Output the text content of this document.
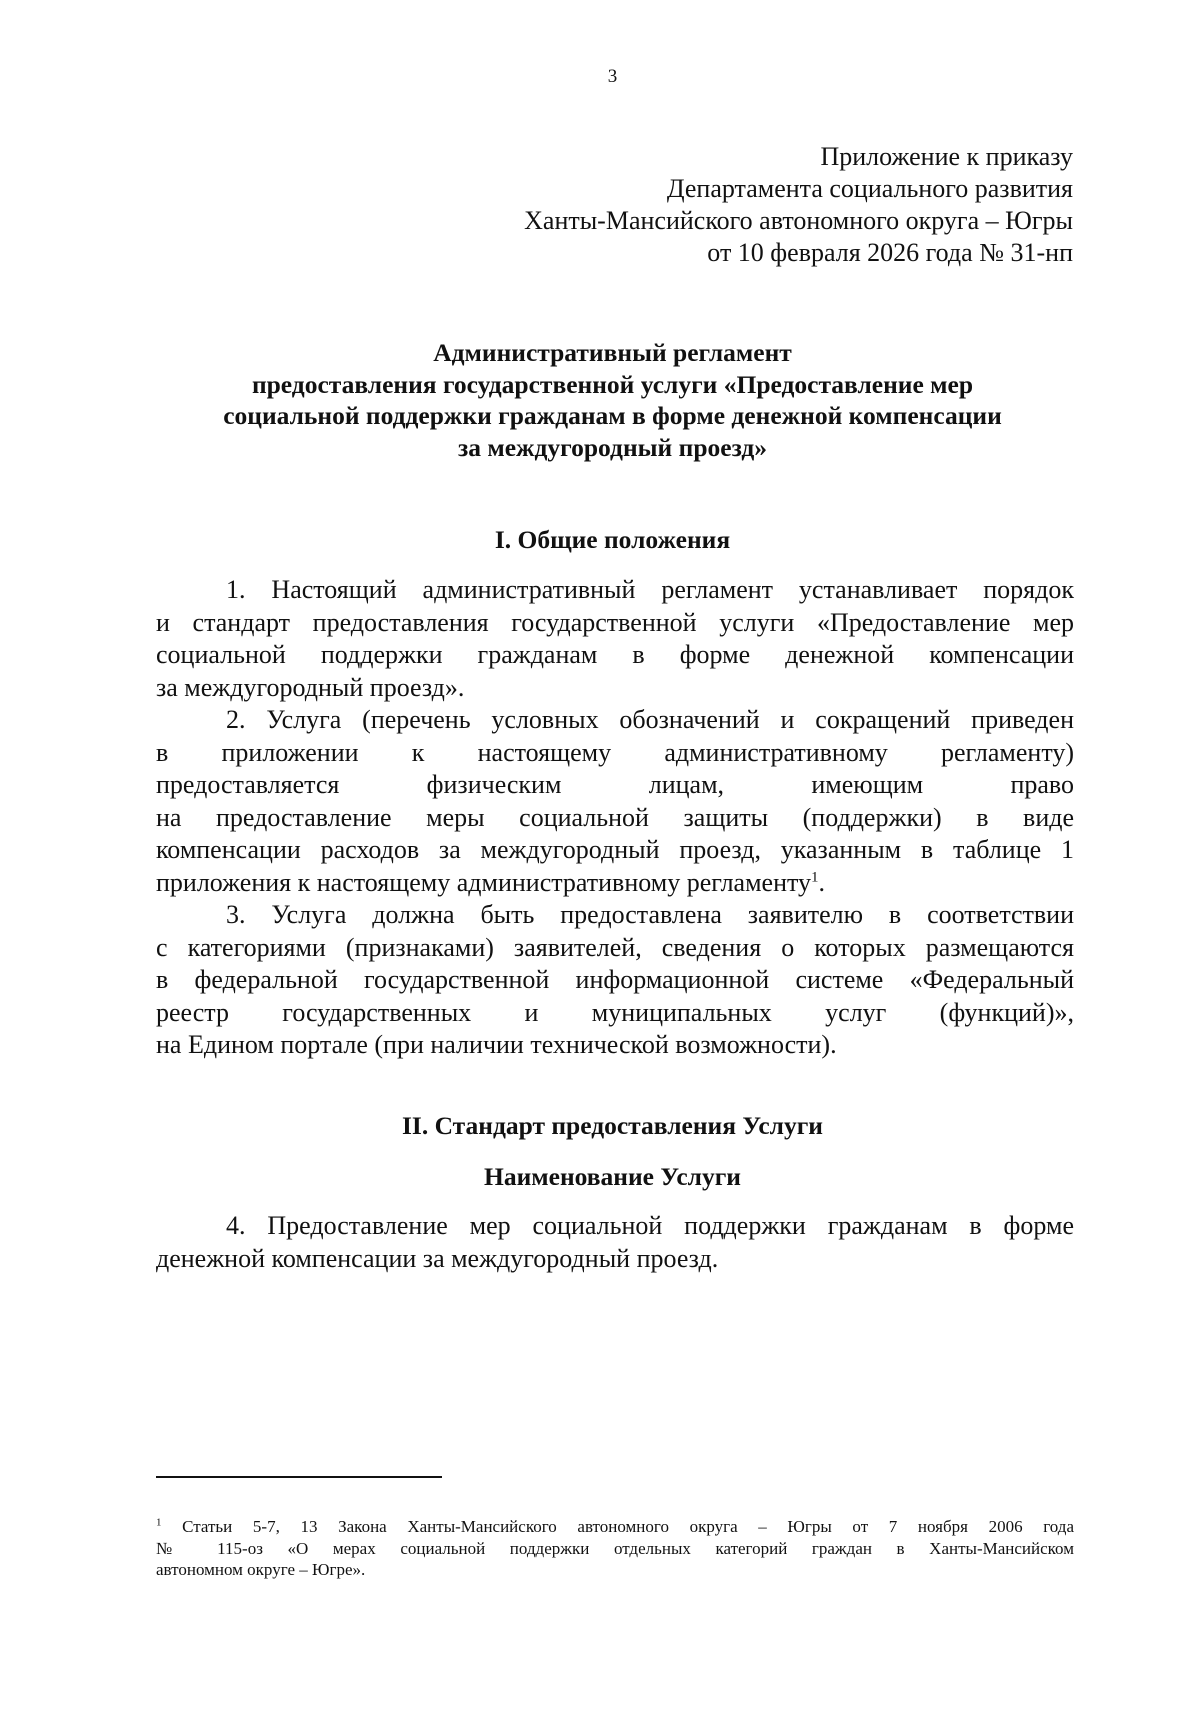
3
Приложение к приказу
Департамента социального развития
Ханты-Мансийского автономного округа – Югры
от 10 февраля 2026 года № 31-нп
Административный регламент
предоставления государственной услуги «Предоставление мер
социальной поддержки гражданам в форме денежной компенсации
за междугородный проезд»
I. Общие положения
1. Настоящий административный регламент устанавливает порядок
и стандарт предоставления государственной услуги «Предоставление мер
социальной поддержки гражданам в форме денежной компенсации
за междугородный проезд».
2. Услуга (перечень условных обозначений и сокращений приведен
в приложении к настоящему административному регламенту)
предоставляется физическим лицам, имеющим право
на предоставление меры социальной защиты (поддержки) в виде
компенсации расходов за междугородный проезд, указанным в таблице 1
приложения к настоящему административному регламенту$^1$.
3. Услуга должна быть предоставлена заявителю в соответствии
с категориями (признаками) заявителей, сведения о которых размещаются
в федеральной государственной информационной системе «Федеральный
реестр государственных и муниципальных услуг (функций)»,
на Едином портале (при наличии технической возможности).
II. Стандарт предоставления Услуги
Наименование Услуги
4. Предоставление мер социальной поддержки гражданам в форме
денежной компенсации за междугородный проезд.
$^1$ Статьи 5-7, 13 Закона Ханты-Мансийского автономного округа – Югры от 7 ноября 2006 года
№ 115-оз «О мерах социальной поддержки отдельных категорий граждан в Ханты-Мансийском
автономном округе – Югре».
